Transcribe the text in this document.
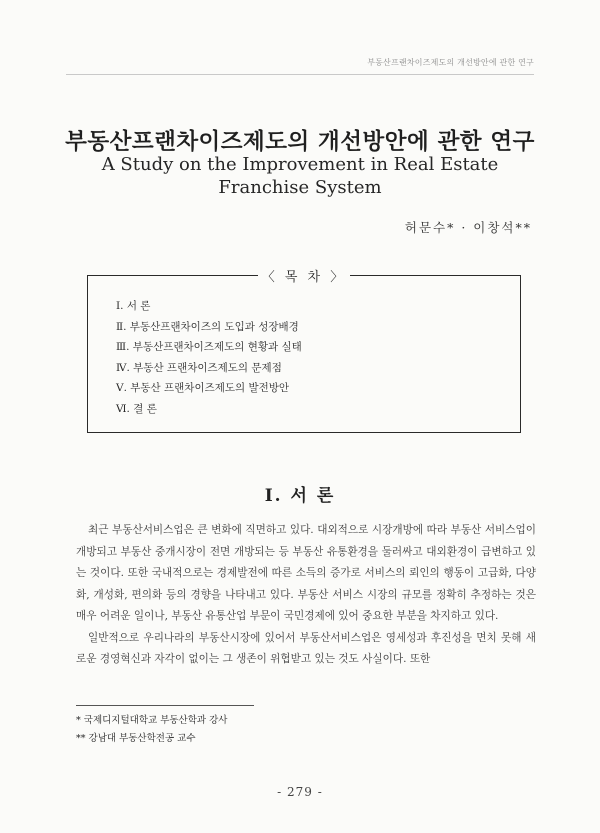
부동산프랜차이즈제도의 개선방안에 관한 연구
부동산프랜차이즈제도의 개선방안에 관한 연구
A Study on the Improvement in Real Estate
Franchise System
허문수* · 이창석**
〈 목 차 〉
Ⅰ. 서 론
Ⅱ. 부동산프랜차이즈의 도입과 성장배경
Ⅲ. 부동산프랜차이즈제도의 현황과 실태
Ⅳ. 부동산 프랜차이즈제도의 문제점
Ⅴ. 부동산 프랜차이즈제도의 발전방안
Ⅵ. 결 론
Ⅰ. 서 론

최근 부동산서비스업은 큰 변화에 직면하고 있다. 대외적으로 시장개방에 따라 부동산 서비스업이 개방되고 부동산 중개시장이 전면 개방되는 등 부동산 유통환경을 둘러싸고 대외환경이 급변하고 있는 것이다. 또한 국내적으로는 경제발전에 따른 소득의 증가로 서비스의 뢰인의 행동이 고급화, 다양화, 개성화, 편의화 등의 경향을 나타내고 있다. 부동산 서비스 시장의 규모를 정확히 추정하는 것은 매우 어려운 일이나, 부동산 유통산업 부문이 국민경제에 있어 중요한 부분을 차지하고 있다.

일반적으로 우리나라의 부동산시장에 있어서 부동산서비스업은 영세성과 후진성을 면치 못해 새로운 경영혁신과 자각이 없이는 그 생존이 위협받고 있는 것도 사실이다. 또한

* 국제디지털대학교 부동산학과 강사
** 강남대 부동산학전공 교수
- 279 -
